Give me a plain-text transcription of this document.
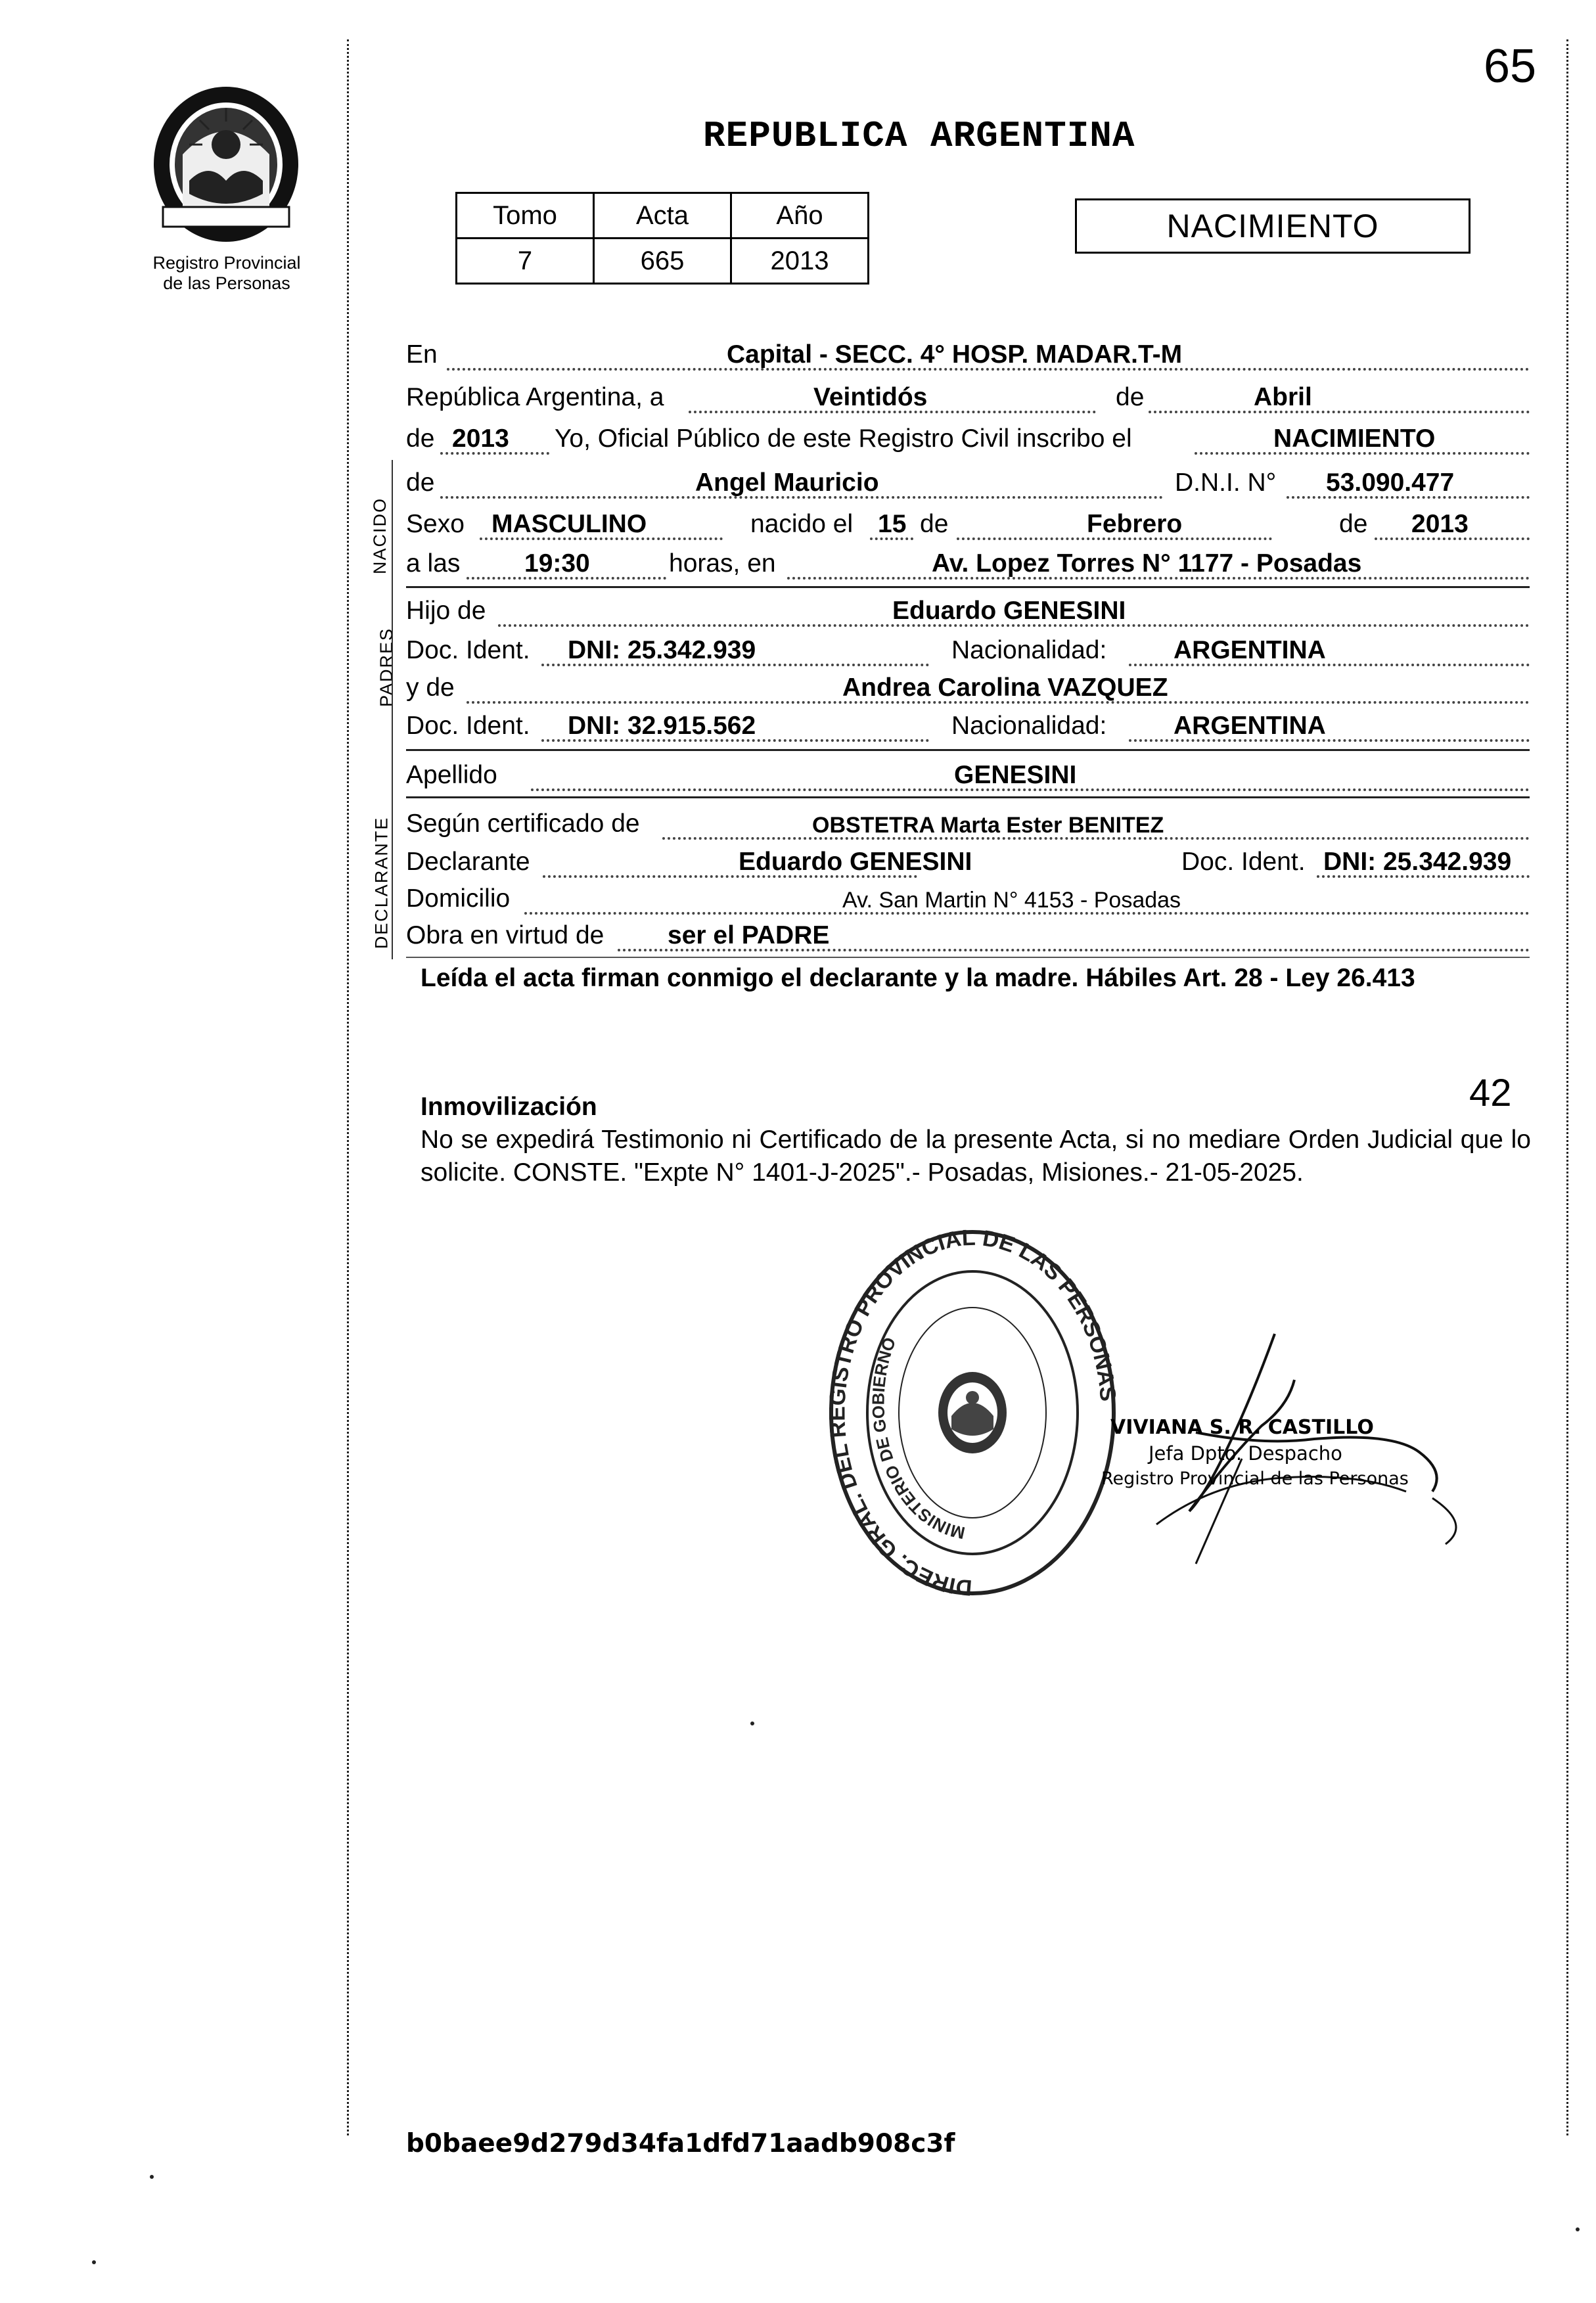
65
Registro Provincial
de las Personas
REPUBLICA ARGENTINA
Tomo	Acta	Año
7	665	2013
NACIMIENTO
En	Capital - SECC. 4° HOSP. MADAR.T-M
República Argentina, a	Veintidós	de	Abril
de 2013 Yo, Oficial Público de este Registro Civil inscribo el	NACIMIENTO
NACIDO
de	Angel Mauricio	D.N.I. N° 53.090.477
Sexo MASCULINO	nacido el 15 de	Febrero	de 2013
a las	19:30	horas, en	Av. Lopez Torres N° 1177 - Posadas
PADRES
Hijo de	Eduardo GENESINI
Doc. Ident. DNI: 25.342.939	Nacionalidad:	ARGENTINA
y de	Andrea Carolina VAZQUEZ
Doc. Ident. DNI: 32.915.562	Nacionalidad:	ARGENTINA
Apellido	GENESINI
DECLARANTE Según certificado de	OBSTETRA Marta Ester BENITEZ
Declarante	Eduardo GENESINI	Doc. Ident. DNI: 25.342.939
Domicilio	Av. San Martin N° 4153 - Posadas
Obra en virtud de ser el PADRE
Leída el acta firman conmigo el declarante y la madre. Hábiles Art. 28 - Ley 26.413
42
Inmovilización
No se expedirá Testimonio ni Certificado de la presente Acta, si no mediare Orden Judicial que lo solicite. CONSTE. "Expte N° 1401-J-2025".- Posadas, Misiones.- 21-05-2025.
DIREC. GRAL. DEL REGISTRO PROVINCIAL DE LAS PERSONAS
MINISTERIO DE GOBIERNO
VIVIANA S. R. CASTILLO
Jefa Dpto. Despacho
Registro Provincial de las Personas
b0baee9d279d34fa1dfd71aadb908c3f
